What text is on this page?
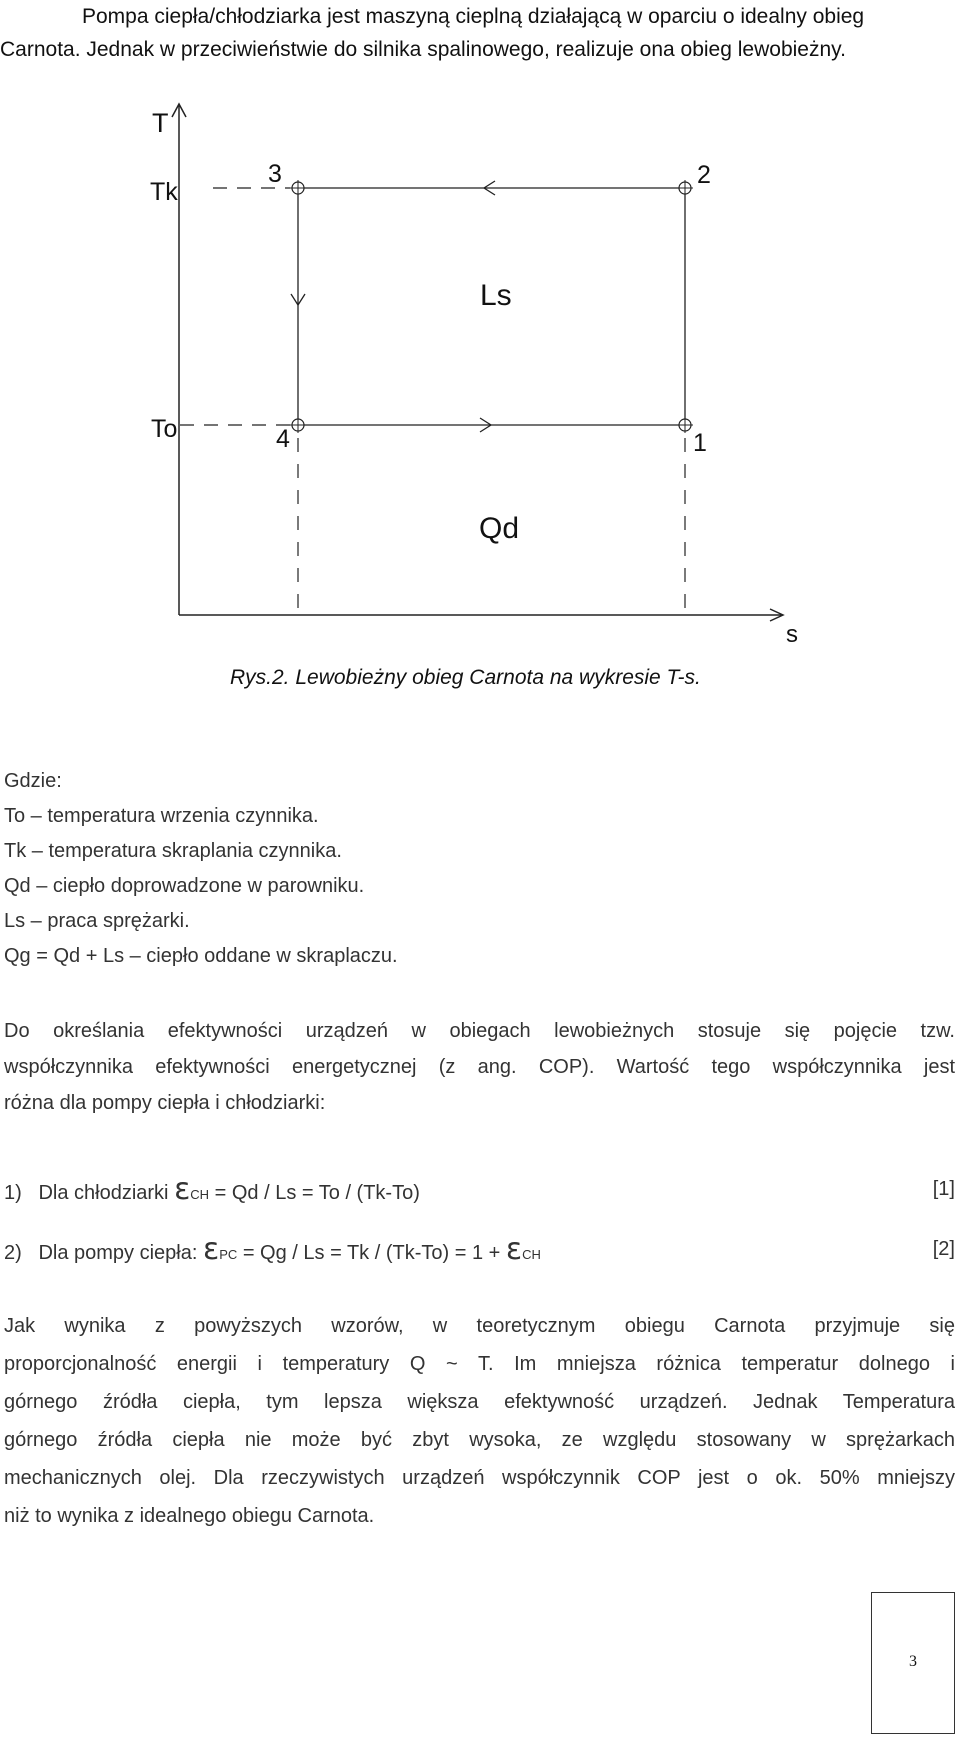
Pompa ciepła/chłodziarka jest maszyną cieplną działającą w oparciu o idealny obieg
Carnota. Jednak w przeciwieństwie do silnika spalinowego, realizuje ona obieg lewobieżny.
T
s
Tk
To
3	2
4	1
Ls
Qd
Rys.2. Lewobieżny obieg Carnota na wykresie T-s.
Gdzie:
To – temperatura wrzenia czynnika.
Tk – temperatura skraplania czynnika.
Qd – ciepło doprowadzone w parowniku.
Ls – praca sprężarki.
Qg = Qd + Ls – ciepło oddane w skraplaczu.
Do określania efektywności urządzeń w obiegach lewobieżnych stosuje się pojęcie tzw.
współczynnika efektywności energetycznej (z ang. COP). Wartość tego współczynnika jest
różna dla pompy ciepła i chłodziarki:
1)   Dla chłodziarki εCH = Qd / Ls = To / (Tk-To)	[1]
2)   Dla pompy ciepła: εPC = Qg / Ls = Tk / (Tk-To) = 1 + εCH	[2]
Jak wynika z powyższych wzorów, w teoretycznym obiegu Carnota przyjmuje się
proporcjonalność energii i temperatury Q ~ T. Im mniejsza różnica temperatur dolnego i
górnego źródła ciepła, tym lepsza większa efektywność urządzeń. Jednak Temperatura
górnego źródła ciepła nie może być zbyt wysoka, ze względu stosowany w sprężarkach
mechanicznych olej. Dla rzeczywistych urządzeń współczynnik COP jest o ok. 50% mniejszy
niż to wynika z idealnego obiegu Carnota.
3
